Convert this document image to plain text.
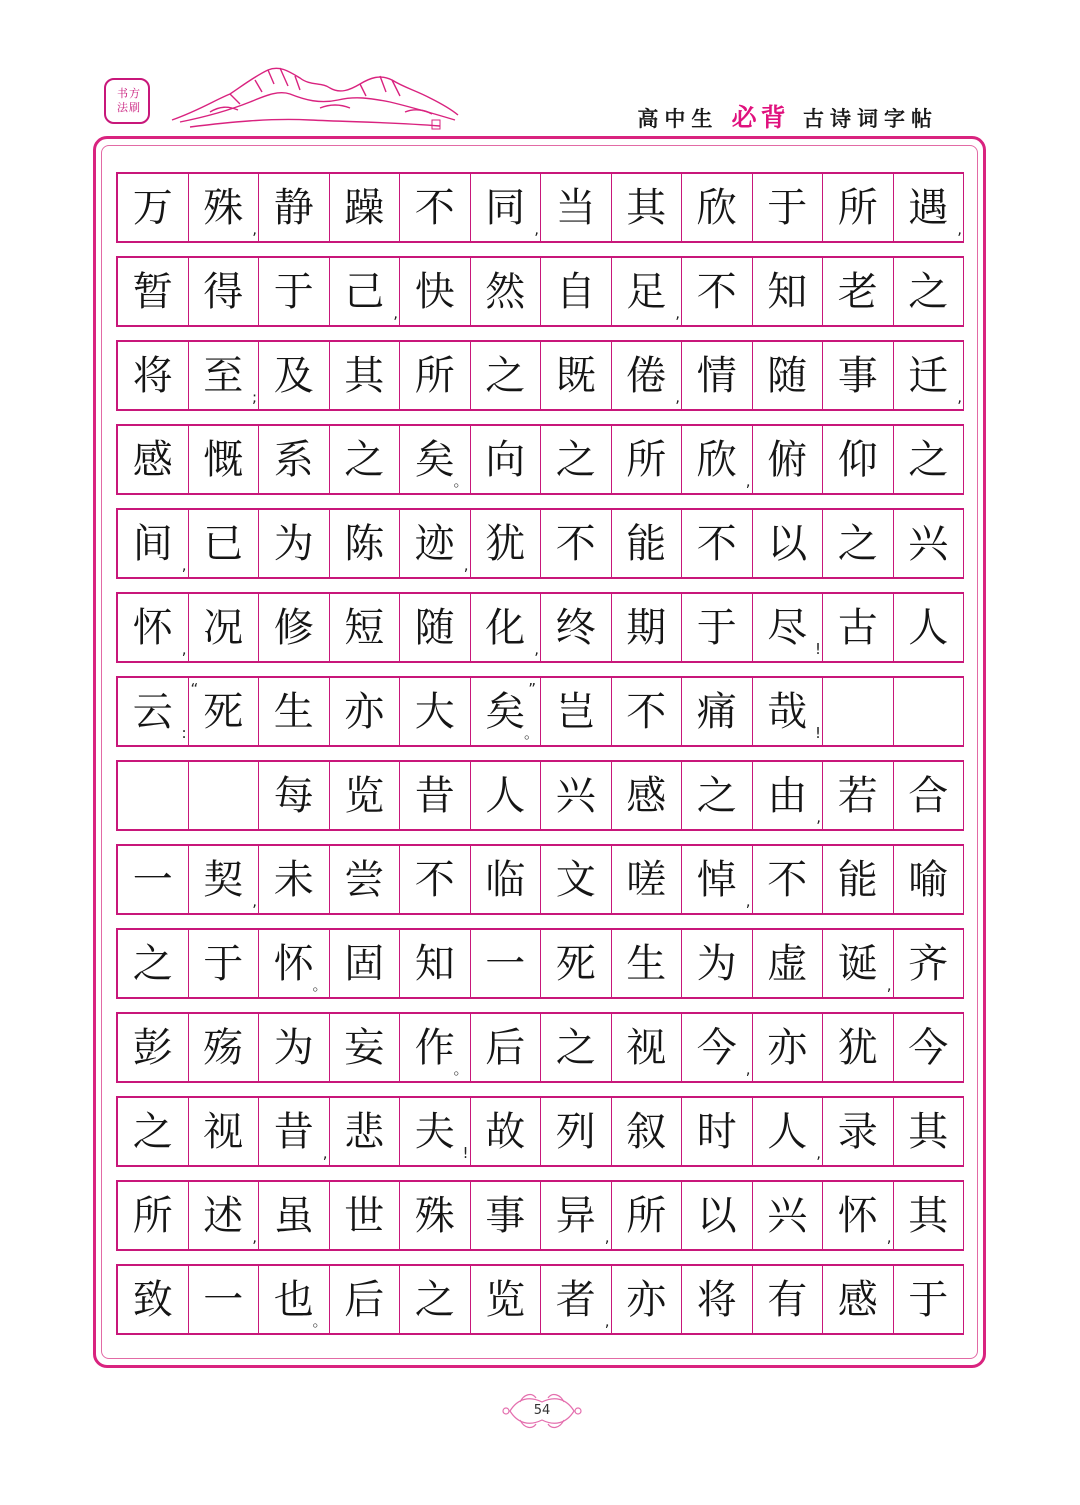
书方法刷	高中生 必背 古诗词字帖
万 殊 , 静 躁 不 同 , 当 其 欣 于 所 遇 ,
暂 得 于 己 , 快 然 自 足 , 不 知 老 之
将 至 ; 及 其 所 之 既 倦 , 情 随 事 迁 ,
感 慨 系 之 矣
。 向 之 所 欣 , 俯 仰 之
间 , 已 为 陈 迹 , 犹 不 能 不 以 之 兴
怀 , 况 修 短 随 化 , 终 期 于 尽 ! 古 人
云 :
“ 死 生 亦 大 矣 ”
。 岂 不 痛 哉 !
每 览 昔 人 兴 感 之 由 , 若 合
一 契 , 未 尝 不 临 文 嗟 悼 , 不 能 喻
之 于 怀
。 固 知 一 死 生 为 虚 诞 , 齐
彭 殇 为 妄 作
。 后 之 视 今 , 亦 犹 今
之 视 昔 , 悲 夫 ! 故 列 叙 时 人 , 录 其
所 述 , 虽 世 殊 事 异 , 所 以 兴 怀 , 其
致 一 也
。 后 之 览 者 , 亦 将 有 感 于
54
